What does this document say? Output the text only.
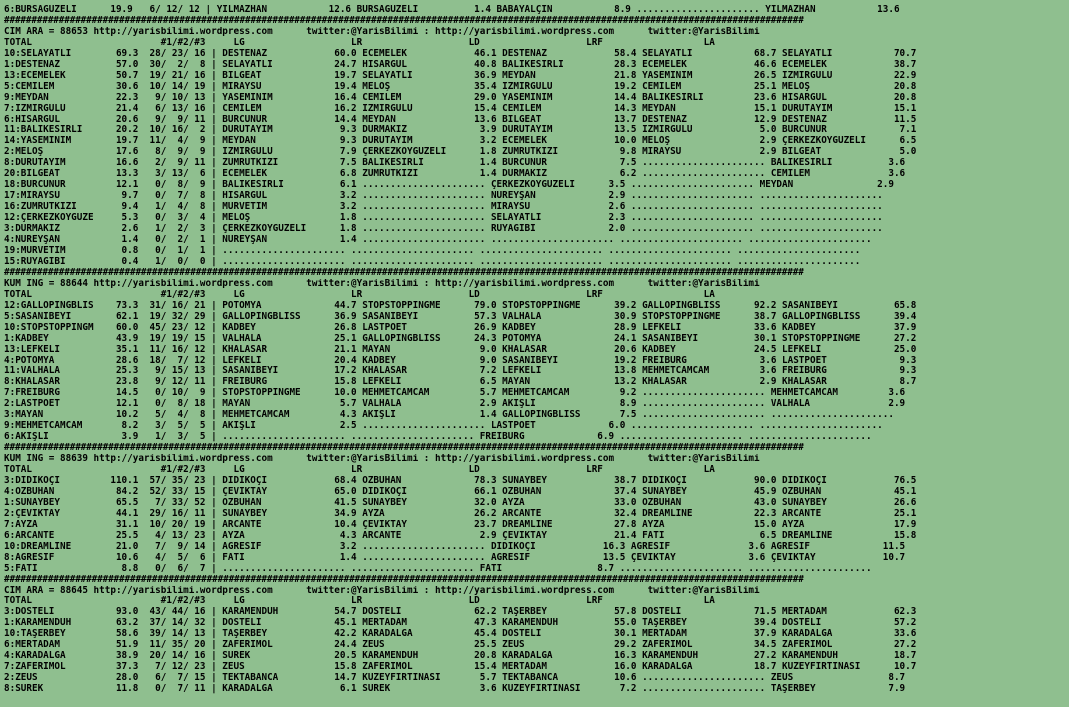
6:BURSAGÜZELİ      19.9   6/ 12/ 12 | YILMAZHAN           12.6 BURSAGÜZELİ          1.4 BABAYALÇIN           8.9 ...................... YILMAZHAN           13.6
##################################################################################################################################################
CIM ARA = 88653 http://yarisbilimi.wordpress.com      twitter:@YarisBilimi : http://yarisbilimi.wordpress.com      twitter:@YarisBilimi
TOTAL                       #1/#2/#3     LG                   LR                   LD                   LRF                  LA
10:SELAYATLI        69.3  28/ 23/ 16 | DESTENAZ            60.0 ECEMELEK            46.1 DESTENAZ            58.4 SELAYATLI           68.7 SELAYATLI           70.7
1:DESTENAZ          57.0  30/  2/  8 | SELAYATLI           24.7 HİSARGÜL            40.8 BALIKESİRLİ         28.3 ECEMELEK            46.6 ECEMELEK            38.7
13:ECEMELEK         50.7  19/ 21/ 16 | BİLGEAT             19.7 SELAYATLI           36.9 MEYDAN              21.8 YASEMİNİM           26.5 İZMİRGÜLÜ           22.9
5:CEMİLEM           30.6  10/ 14/ 19 | MİRAYSU             19.4 MELOŞ               35.4 İZMİRGÜLÜ           19.2 CEMİLEM             25.1 MELOŞ               20.8
9:MEYDAN            22.3   9/ 10/ 13 | YASEMİNİM           16.4 CEMİLEM             29.0 YASEMİNİM           14.4 BALIKESİRLİ         23.6 HİSARGÜL            20.8
7:İZMİRGÜLÜ         21.4   6/ 13/ 16 | CEMİLEM             16.2 İZMİRGÜLÜ           15.4 CEMİLEM             14.3 MEYDAN              15.1 DURUTAYIM           15.1
6:HİSARGÜL          20.6   9/  9/ 11 | BURCUNUR            14.4 MEYDAN              13.6 BİLGEAT             13.7 DESTENAZ            12.9 DESTENAZ            11.5
11:BALIKESİRLİ      20.2  10/ 16/  2 | DURUTAYIM            9.3 DURMAKIZ             3.9 DURUTAYIM           13.5 İZMİRGÜLÜ            5.0 BURCUNUR             7.1
14:YASEMİNİM        19.7  11/  4/  9 | MEYDAN               9.3 DURUTAYIM            3.2 ECEMELEK            10.0 MELOŞ                2.9 ÇERKEZKÖYGÜZELİ      6.5
2:MELOŞ             17.6   8/  9/  9 | İZMİRGÜLÜ            7.9 ÇERKEZKÖYGÜZELİ      1.8 ZÜMRÜTKIZI           9.8 MİRAYSU              2.9 BİLGEAT              5.0
8:DURUTAYIM         16.6   2/  9/ 11 | ZÜMRÜTKIZI           7.5 BALIKESİRLİ          1.4 BURCUNUR             7.5 ...................... BALIKESİRLİ          3.6
20:BİLGEAT          13.3   3/ 13/  6 | ECEMELEK             6.8 ZÜMRÜTKIZI           1.4 DURMAKIZ             6.2 ...................... CEMİLEM              3.6
18:BURCUNUR         12.1   0/  8/  9 | BALIKESİRLİ          6.1 ...................... ÇERKEZKÖYGÜZELİ      3.5 ...................... MEYDAN               2.9
17:MİRAYSU           9.7   0/  7/  8 | HİSARGÜL             3.2 ...................... NUREYŞAN             2.9 ...................... ......................
16:ZÜMRÜTKIZI        9.4   1/  4/  8 | MÜRVETİM             3.2 ...................... MİRAYSU              2.6 ...................... ......................
12:ÇERKEZKÖYGÜZE     5.3   0/  3/  4 | MELOŞ                1.8 ...................... SELAYATLI            2.3 ...................... ......................
3:DURMAKIZ           2.6   1/  2/  3 | ÇERKEZKÖYGÜZELİ      1.8 ...................... RÜYAGİBİ             2.0 ...................... ......................
4:NUREYŞAN           1.4   0/  2/  1 | NUREYŞAN             1.4 ...................... ...................... ...................... ......................
19:MÜRVETİM          0.8   0/  1/  1 | ...................... ...................... ...................... ...................... ......................
15:RÜYAGİBİ          0.4   1/  0/  0 | ...................... ...................... ...................... ...................... ......................
##################################################################################################################################################
KUM ING = 88644 http://yarisbilimi.wordpress.com      twitter:@YarisBilimi : http://yarisbilimi.wordpress.com      twitter:@YarisBilimi
TOTAL                       #1/#2/#3     LG                   LR                   LD                   LRF                  LA
12:GALLOPINGBLIS    73.3  31/ 16/ 21 | POTOMYA             44.7 STOPSTOPPINGME      79.0 STOPSTOPPINGME      39.2 GALLOPINGBLISS      92.2 SASANİBEYİ          65.8
5:SASANİBEYİ        62.1  19/ 32/ 29 | GALLOPINGBLISS      36.9 SASANİBEYİ          57.3 VALHALA             30.9 STOPSTOPPINGME      38.7 GALLOPINGBLISS      39.4
10:STOPSTOPPINGM    60.0  45/ 23/ 12 | KADBEY              26.8 LASTPOET            26.9 KADBEY              28.9 LEFKELİ             33.6 KADBEY              37.9
1:KADBEY            43.9  19/ 19/ 15 | VALHALA             25.1 GALLOPINGBLISS      24.3 POTOMYA             24.1 SASANİBEYİ          30.1 STOPSTOPPINGME      27.2
13:LEFKELİ          35.1  11/ 16/ 12 | KHALASAR            21.1 MAYAN                9.0 KHALASAR            20.6 KADBEY              24.5 LEFKELİ             25.0
4:POTOMYA           28.6  18/  7/ 12 | LEFKELİ             20.4 KADBEY               9.0 SASANİBEYİ          19.2 FREIBURG             3.6 LASTPOET             9.3
11:VALHALA          25.3   9/ 15/ 13 | SASANİBEYİ          17.2 KHALASAR             7.2 LEFKELİ             13.8 MEHMETCAMCAM         3.6 FREIBURG             9.3
8:KHALASAR          23.8   9/ 12/ 11 | FREIBURG            15.8 LEFKELİ              6.5 MAYAN               13.2 KHALASAR             2.9 KHALASAR             8.7
7:FREIBURG          14.5   0/ 10/  9 | STOPSTOPPINGME      10.0 MEHMETCAMCAM         5.7 MEHMETCAMCAM         9.2 ...................... MEHMETCAMCAM         3.6
2:LASTPOET          12.1   0/  8/ 18 | MAYAN                5.7 VALHALA              2.9 AKIŞLI               8.9 ...................... VALHALA              2.9
3:MAYAN             10.2   5/  4/  8 | MEHMETCAMCAM         4.3 AKIŞLI               1.4 GALLOPINGBLISS       7.5 ...................... ......................
9:MEHMETCAMCAM       8.2   3/  5/  5 | AKIŞLI               2.5 ...................... LASTPOET             6.0 ...................... ......................
6:AKIŞLI             3.9   1/  3/  5 | ...................... ...................... FREIBURG             6.9 ...................... ......................
##################################################################################################################################################
KUM ING = 88639 http://yarisbilimi.wordpress.com      twitter:@YarisBilimi : http://yarisbilimi.wordpress.com      twitter:@YarisBilimi
TOTAL                       #1/#2/#3     LG                   LR                   LD                   LRF                  LA
3:DİDİKOÇİ         110.1  57/ 35/ 23 | DİDİKOÇİ            68.4 ÖZBUHAN             78.3 SUNAYBEY            38.7 DİDİKOÇİ            90.0 DİDİKOÇİ            76.5
4:ÖZBUHAN           84.2  52/ 33/ 15 | ÇEVİKTAY            65.0 DİDİKOÇİ            66.1 ÖZBUHAN             37.4 SUNAYBEY            45.9 ÖZBUHAN             45.1
1:SUNAYBEY          65.5   7/ 33/ 52 | ÖZBUHAN             41.5 SUNAYBEY            32.0 AYZA                33.0 ÖZBUHAN             43.0 SUNAYBEY            26.6
2:ÇEVİKTAY          44.1  29/ 16/ 11 | SUNAYBEY            34.9 AYZA                26.2 ARCANTE             32.4 DREAMLINE           22.3 ARCANTE             25.1
7:AYZA              31.1  10/ 20/ 19 | ARCANTE             10.4 ÇEVİKTAY            23.7 DREAMLINE           27.8 AYZA                15.0 AYZA                17.9
6:ARCANTE           25.5   4/ 13/ 23 | AYZA                 4.3 ARCANTE              2.9 ÇEVİKTAY            21.4 FATİ                 6.5 DREAMLINE           15.8
10:DREAMLINE        21.0   7/  9/ 14 | AGRESIF              3.2 ...................... DİDİKOÇİ            16.3 AGRESIF              3.6 AGRESIF             11.5
8:AGRESIF           10.6   4/  5/  6 | FATİ                 1.4 ...................... AGRESIF             13.5 ÇEVİKTAY             3.6 ÇEVİKTAY            10.7
5:FATİ               8.8   0/  6/  7 | ...................... ...................... FATİ                 8.7 ...................... ......................
##################################################################################################################################################
CIM ARA = 88645 http://yarisbilimi.wordpress.com      twitter:@YarisBilimi : http://yarisbilimi.wordpress.com      twitter:@YarisBilimi
TOTAL                       #1/#2/#3     LG                   LR                   LD                   LRF                  LA
3:DOSTELİ           93.0  43/ 44/ 16 | KARAMENDUH          54.7 DOSTELİ             62.2 TAŞERBEY            57.8 DOSTELİ             71.5 MERTADAM            62.3
1:KARAMENDUH        63.2  37/ 14/ 32 | DOSTELİ             45.1 MERTADAM            47.3 KARAMENDUH          55.0 TAŞERBEY            39.4 DOSTELİ             57.2
10:TAŞERBEY         58.6  39/ 14/ 13 | TAŞERBEY            42.2 KARADALGA           45.4 DOSTELİ             30.1 MERTADAM            37.9 KARADALGA           33.6
6:MERTADAM          51.9  11/ 35/ 20 | ZAFERİMOL           24.4 ZEUS                25.5 ZEUS                29.2 ZAFERİMOL           34.5 ZAFERİMOL           27.2
4:KARADALGA         38.9  20/ 14/ 16 | SÜREK               20.5 KARAMENDUH          20.8 KARADALGA           16.3 KARAMENDUH          27.2 KARAMENDUH          18.7
7:ZAFERİMOL         37.3   7/ 12/ 23 | ZEUS                15.8 ZAFERİMOL           15.4 MERTADAM            16.0 KARADALGA           18.7 KUZEYFIRTINASI      10.7
2:ZEUS              28.0   6/  7/ 15 | TEKTABANCA          14.7 KUZEYFIRTINASI       5.7 TEKTABANCA          10.6 ...................... ZEUS                 8.7
8:SÜREK             11.8   0/  7/ 11 | KARADALGA            6.1 SÜREK                3.6 KUZEYFIRTINASI       7.2 ...................... TAŞERBEY             7.9
